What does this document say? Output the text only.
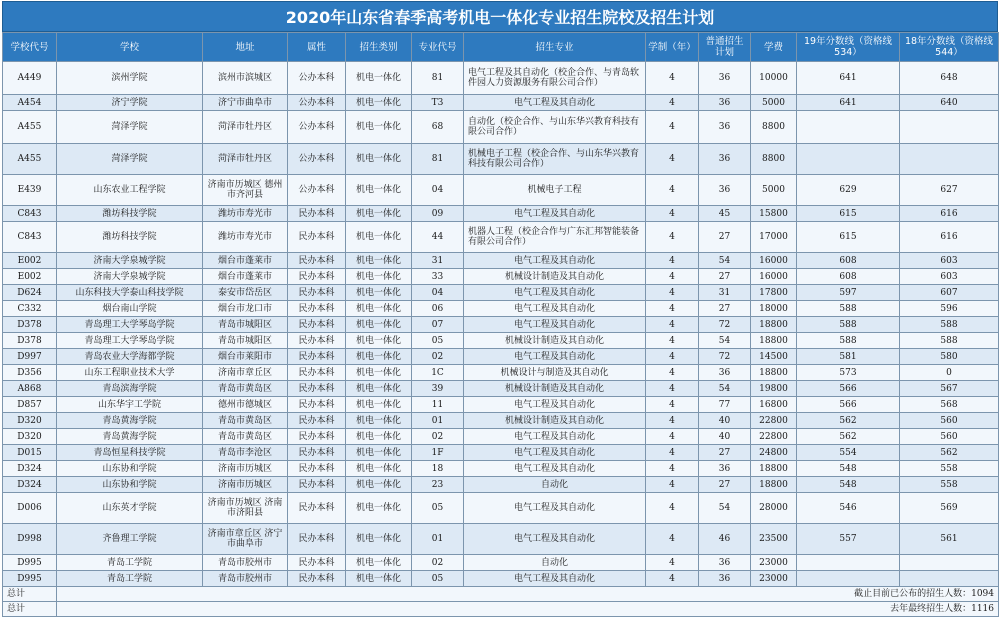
2020年山东省春季高考机电一体化专业招生院校及招生计划
学校代号	学校	地址	属性	招生类别	专业代号	招生专业	学制（年）	普通招生计划	学费	19年分数线（资格线534）	18年分数线（资格线544）
A449	滨州学院	滨州市滨城区	公办本科	机电一体化	81	电气工程及其自动化（校企合作、与青岛软件园人力资源服务有限公司合作）	4	36	10000	641	648
A454	济宁学院	济宁市曲阜市	公办本科	机电一体化	T3	电气工程及其自动化	4	36	5000	641	640
A455	菏泽学院	菏泽市牡丹区	公办本科	机电一体化	68	自动化（校企合作、与山东华兴教育科技有限公司合作）	4	36	8800		
A455	菏泽学院	菏泽市牡丹区	公办本科	机电一体化	81	机械电子工程（校企合作、与山东华兴教育科技有限公司合作）	4	36	8800		
E439	山东农业工程学院	济南市历城区 德州市齐河县	公办本科	机电一体化	04	机械电子工程	4	36	5000	629	627
C843	潍坊科技学院	潍坊市寿光市	民办本科	机电一体化	09	电气工程及其自动化	4	45	15800	615	616
C843	潍坊科技学院	潍坊市寿光市	民办本科	机电一体化	44	机器人工程（校企合作与广东汇邦智能装备有限公司合作）	4	27	17000	615	616
E002	济南大学泉城学院	烟台市蓬莱市	民办本科	机电一体化	31	电气工程及其自动化	4	54	16000	608	603
E002	济南大学泉城学院	烟台市蓬莱市	民办本科	机电一体化	33	机械设计制造及其自动化	4	27	16000	608	603
D624	山东科技大学泰山科技学院	泰安市岱岳区	民办本科	机电一体化	04	电气工程及其自动化	4	31	17800	597	607
C332	烟台南山学院	烟台市龙口市	民办本科	机电一体化	06	电气工程及其自动化	4	27	18000	588	596
D378	青岛理工大学琴岛学院	青岛市城阳区	民办本科	机电一体化	07	电气工程及其自动化	4	72	18800	588	588
D378	青岛理工大学琴岛学院	青岛市城阳区	民办本科	机电一体化	05	机械设计制造及其自动化	4	54	18800	588	588
D997	青岛农业大学海都学院	烟台市莱阳市	民办本科	机电一体化	02	电气工程及其自动化	4	72	14500	581	580
D356	山东工程职业技术大学	济南市章丘区	民办本科	机电一体化	1C	机械设计与制造及其自动化	4	36	18800	573	0
A868	青岛滨海学院	青岛市黄岛区	民办本科	机电一体化	39	机械设计制造及其自动化	4	54	19800	566	567
D857	山东华宇工学院	德州市德城区	民办本科	机电一体化	11	电气工程及其自动化	4	77	16800	566	568
D320	青岛黄海学院	青岛市黄岛区	民办本科	机电一体化	01	机械设计制造及其自动化	4	40	22800	562	560
D320	青岛黄海学院	青岛市黄岛区	民办本科	机电一体化	02	电气工程及其自动化	4	40	22800	562	560
D015	青岛恒星科技学院	青岛市李沧区	民办本科	机电一体化	1F	电气工程及其自动化	4	27	24800	554	562
D324	山东协和学院	济南市历城区	民办本科	机电一体化	18	电气工程及其自动化	4	36	18800	548	558
D324	山东协和学院	济南市历城区	民办本科	机电一体化	23	自动化	4	27	18800	548	558
D006	山东英才学院	济南市历城区 济南市济阳县	民办本科	机电一体化	05	电气工程及其自动化	4	54	28000	546	569
D998	齐鲁理工学院	济南市章丘区 济宁市曲阜市	民办本科	机电一体化	01	电气工程及其自动化	4	46	23500	557	561
D995	青岛工学院	青岛市胶州市	民办本科	机电一体化	02	自动化	4	36	23000		
D995	青岛工学院	青岛市胶州市	民办本科	机电一体化	05	电气工程及其自动化	4	36	23000		
总计	截止目前已公布的招生人数：1094										
总计	去年最终招生人数：1116										
